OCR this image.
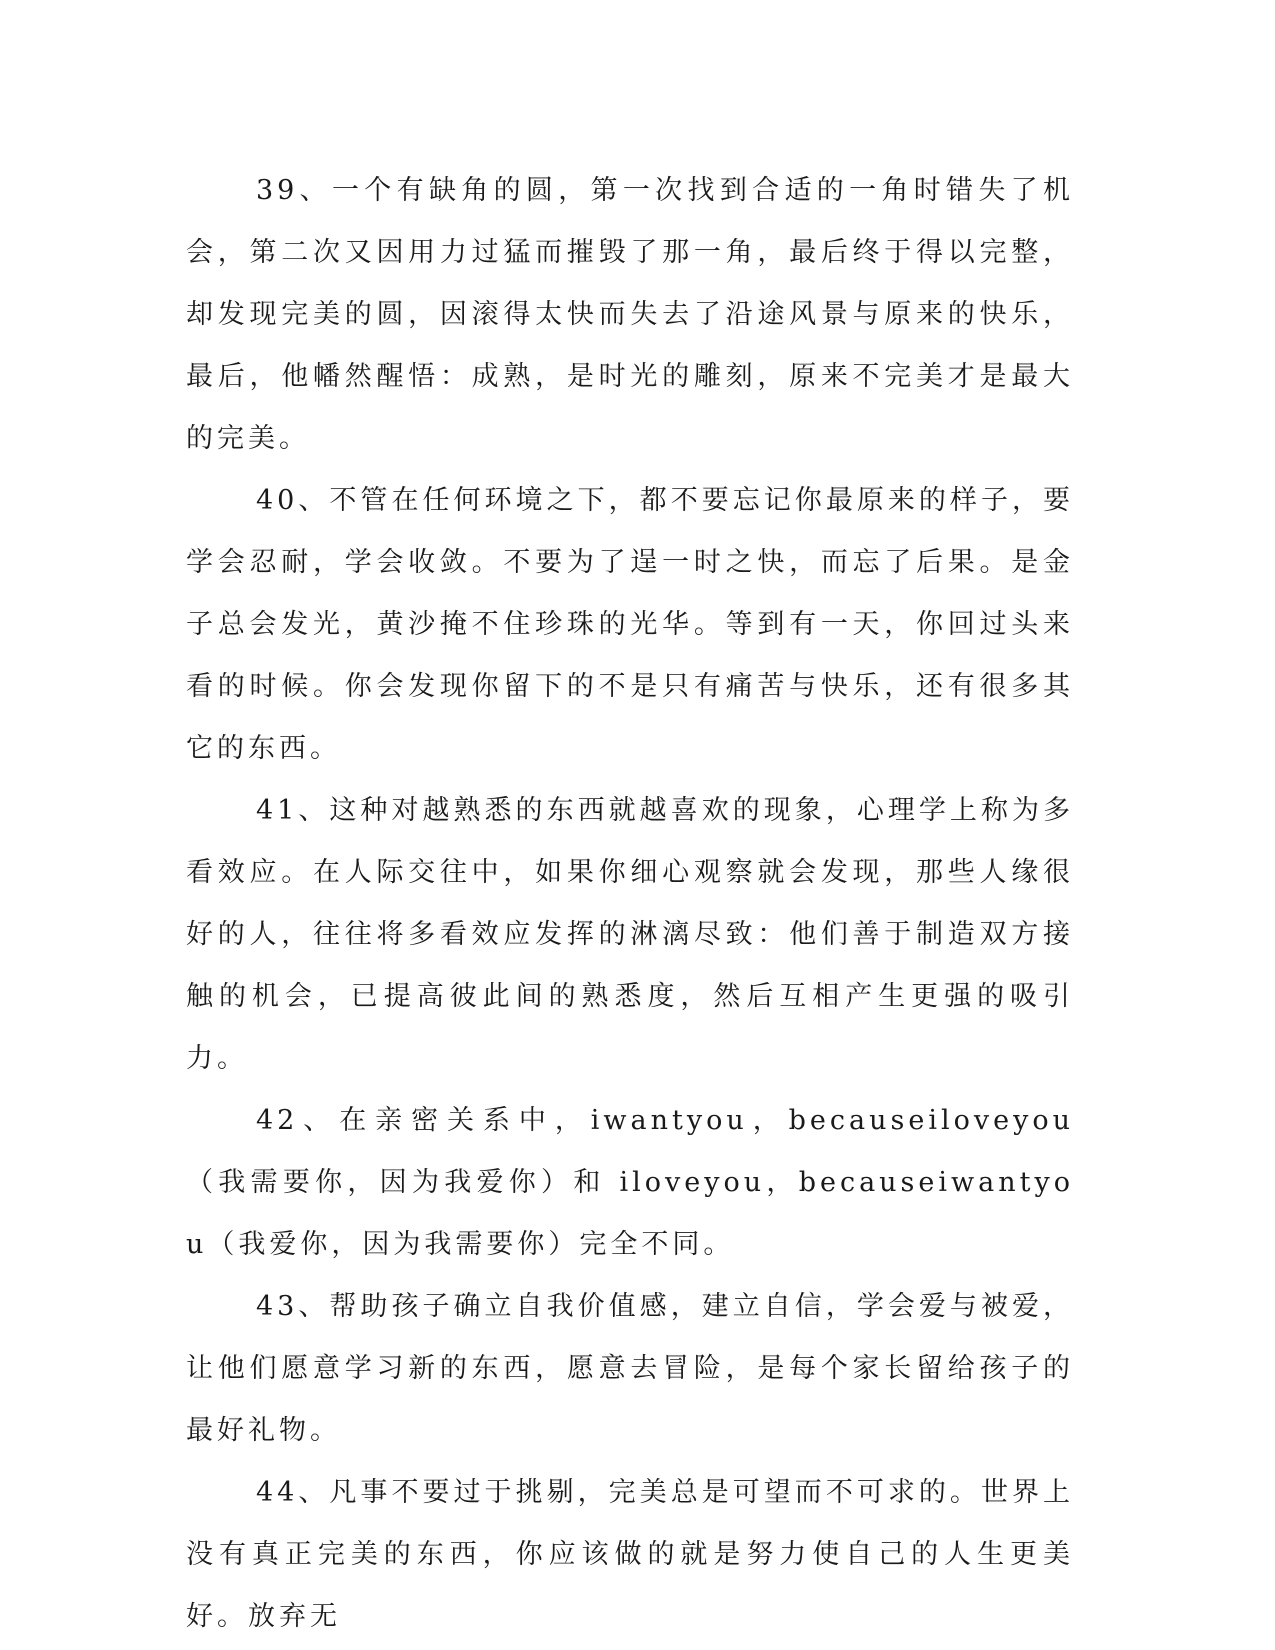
39、一个有缺角的圆，第一次找到合适的一角时错失了机会，第二次又因用力过猛而摧毁了那一角，最后终于得以完整，却发现完美的圆，因滚得太快而失去了沿途风景与原来的快乐，最后，他幡然醒悟：成熟，是时光的雕刻，原来不完美才是最大的完美。

40、不管在任何环境之下，都不要忘记你最原来的样子，要学会忍耐，学会收敛。不要为了逞一时之快，而忘了后果。是金子总会发光，黄沙掩不住珍珠的光华。等到有一天，你回过头来看的时候。你会发现你留下的不是只有痛苦与快乐，还有很多其它的东西。

41、这种对越熟悉的东西就越喜欢的现象，心理学上称为多看效应。在人际交往中，如果你细心观察就会发现，那些人缘很好的人，往往将多看效应发挥的淋漓尽致：他们善于制造双方接触的机会，已提高彼此间的熟悉度，然后互相产生更强的吸引力。

42、在亲密关系中，iwantyou，becauseiloveyou（我需要你，因为我爱你）和 iloveyou，becauseiwantyou（我爱你，因为我需要你）完全不同。

43、帮助孩子确立自我价值感，建立自信，学会爱与被爱，让他们愿意学习新的东西，愿意去冒险，是每个家长留给孩子的最好礼物。

44、凡事不要过于挑剔，完美总是可望而不可求的。世界上没有真正完美的东西，你应该做的就是努力使自己的人生更美好。放弃无
